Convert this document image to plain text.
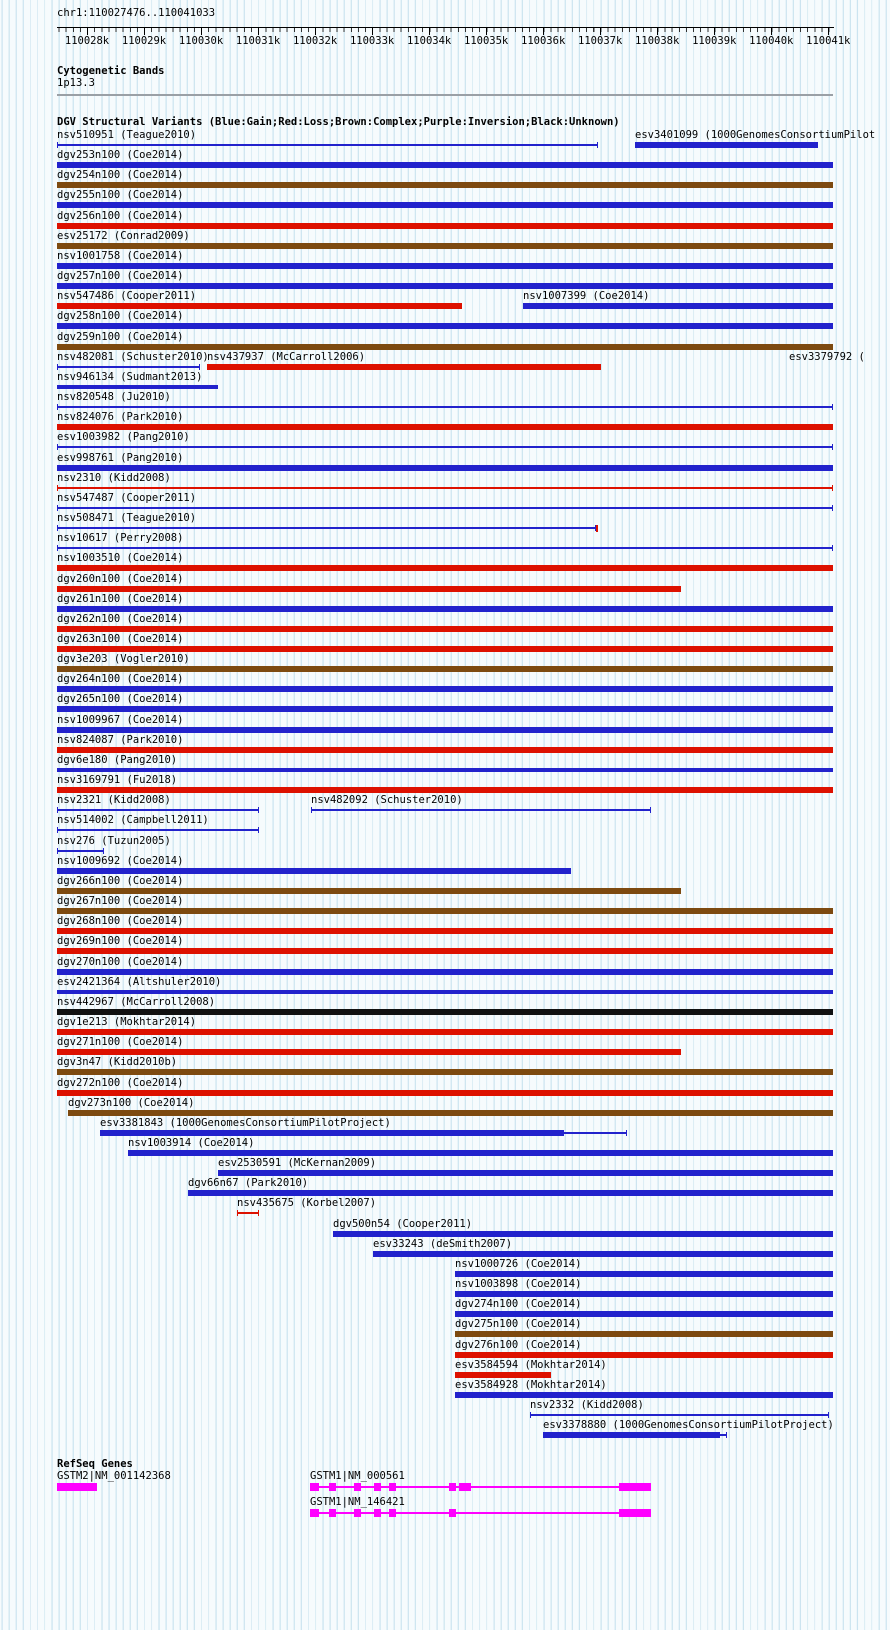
chr1:110027476..110041033
110028k 110029k 110030k 110031k 110032k 110033k 110034k 110035k 110036k 110037k 110038k 110039k 110040k 110041k
Cytogenetic Bands
1p13.3
DGV Structural Variants (Blue:Gain;Red:Loss;Brown:Complex;Purple:Inversion;Black:Unknown)
nsv510951 (Teague2010)	esv3401099 (1000GenomesConsortiumPilot
dgv253n100 (Coe2014)
dgv254n100 (Coe2014)
dgv255n100 (Coe2014)
dgv256n100 (Coe2014)
esv25172 (Conrad2009)
nsv1001758 (Coe2014)
dgv257n100 (Coe2014)
nsv547486 (Cooper2011)	nsv1007399 (Coe2014)
dgv258n100 (Coe2014)
dgv259n100 (Coe2014)
nsv482081 (Schuster2010)
nsv437937 (McCarroll2006)	esv3379792 (
nsv946134 (Sudmant2013)
nsv820548 (Ju2010)
nsv824076 (Park2010)
esv1003982 (Pang2010)
esv998761 (Pang2010)
nsv2310 (Kidd2008)
nsv547487 (Cooper2011)
nsv508471 (Teague2010)
nsv10617 (Perry2008)
nsv1003510 (Coe2014)
dgv260n100 (Coe2014)
dgv261n100 (Coe2014)
dgv262n100 (Coe2014)
dgv263n100 (Coe2014)
dgv3e203 (Vogler2010)
dgv264n100 (Coe2014)
dgv265n100 (Coe2014)
nsv1009967 (Coe2014)
nsv824087 (Park2010)
dgv6e180 (Pang2010)
nsv3169791 (Fu2018)
nsv2321 (Kidd2008)	nsv482092 (Schuster2010)
nsv514002 (Campbell2011)
nsv276 (Tuzun2005)
nsv1009692 (Coe2014)
dgv266n100 (Coe2014)
dgv267n100 (Coe2014)
dgv268n100 (Coe2014)
dgv269n100 (Coe2014)
dgv270n100 (Coe2014)
esv2421364 (Altshuler2010)
nsv442967 (McCarroll2008)
dgv1e213 (Mokhtar2014)
dgv271n100 (Coe2014)
dgv3n47 (Kidd2010b)
dgv272n100 (Coe2014)
dgv273n100 (Coe2014)
esv3381843 (1000GenomesConsortiumPilotProject)
nsv1003914 (Coe2014)
esv2530591 (McKernan2009)
dgv66n67 (Park2010)
nsv435675 (Korbel2007)
dgv500n54 (Cooper2011)
esv33243 (deSmith2007)
nsv1000726 (Coe2014)
nsv1003898 (Coe2014)
dgv274n100 (Coe2014)
dgv275n100 (Coe2014)
dgv276n100 (Coe2014)
esv3584594 (Mokhtar2014)
esv3584928 (Mokhtar2014)
nsv2332 (Kidd2008)
esv3378880 (1000GenomesConsortiumPilotProject)
RefSeq Genes
GSTM2|NM_001142368	GSTM1|NM_000561
GSTM1|NM_146421
